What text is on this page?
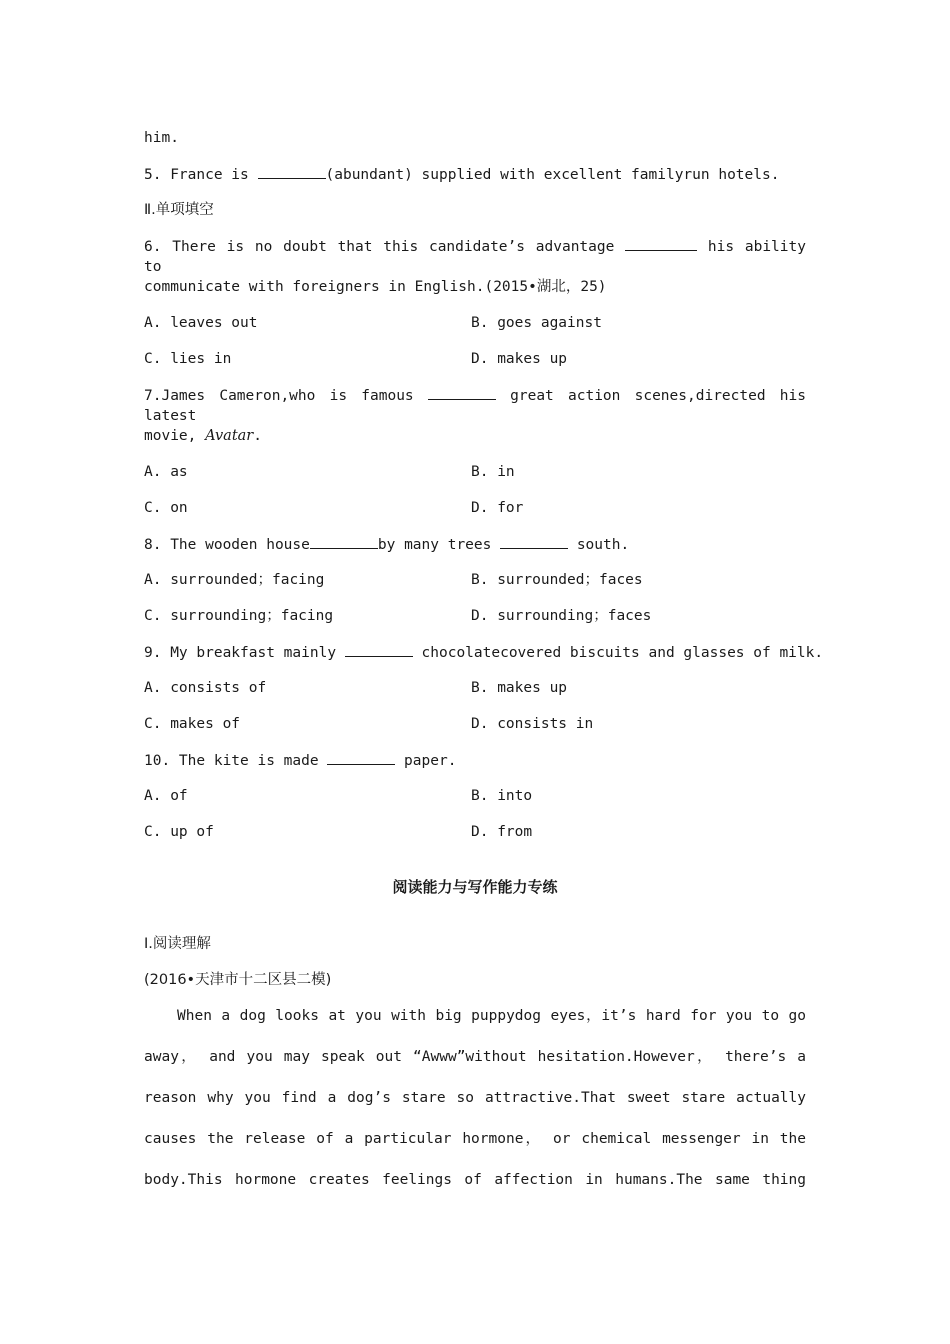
him.
5. France is	(abundant) supplied with excellent familyrun hotels.
Ⅱ.单项填空
6. There is no doubt that this candidate’s advantage	his ability to
communicate with foreigners in English.(2015•湖北，25)
A. leaves out	B. goes against
C. lies in	D. makes up
7.James Cameron,who is famous	great action scenes,directed his latest
movie, Avatar.
A. as	B. in
C. on	D. for
8. The wooden house	by many trees	south.
A. surrounded；facing	B. surrounded；faces
C. surrounding；facing	D. surrounding；faces
9. My breakfast mainly	chocolatecovered biscuits and glasses of milk.
A. consists of	B. makes up
C. makes of	D. consists in
10. The kite is made	paper.
A. of	B. into
C. up of	D. from
阅读能力与写作能力专练
Ⅰ.阅读理解
(2016•天津市十二区县二模)
When a dog looks at you with big puppydog eyes，it’s hard for you to go
away， and you may speak out “Awww”without hesitation.However， there’s a
reason why you find a dog’s stare so attractive.That sweet stare actually
causes the release of a particular hormone， or chemical messenger in the
body.This hormone creates feelings of affection in humans.The same thing
